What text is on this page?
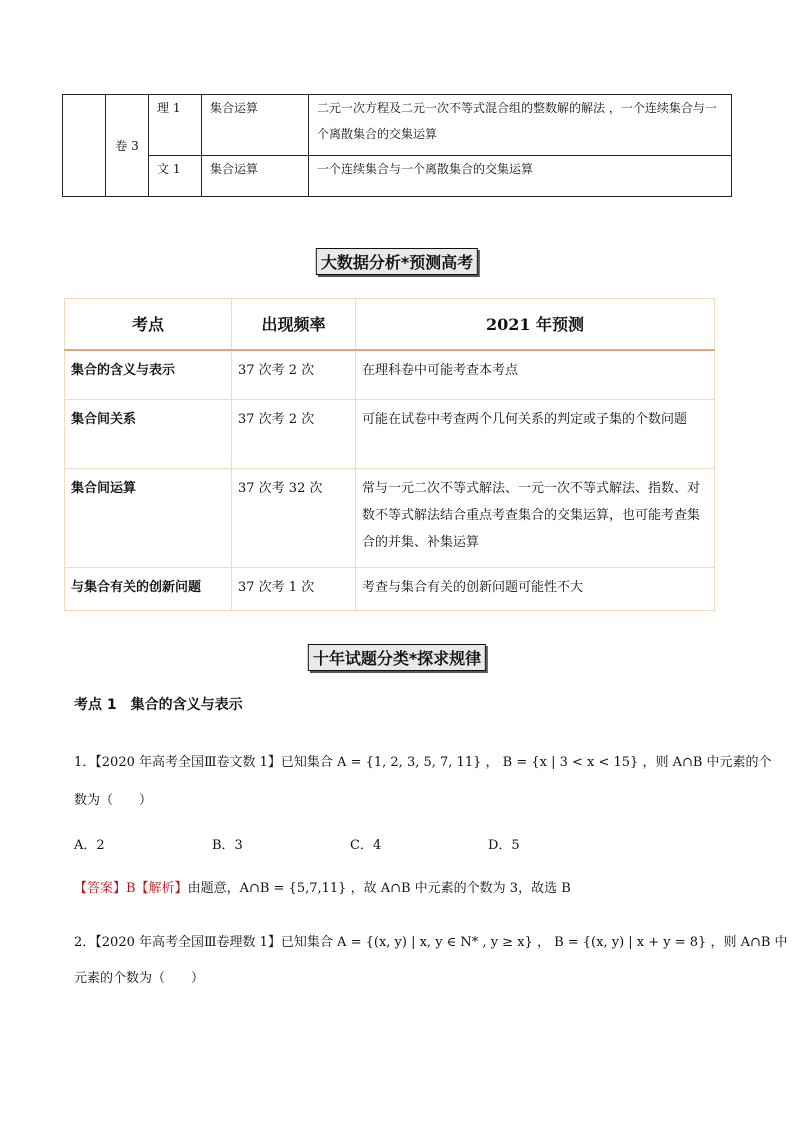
	卷 3	理 1	集合运算	二元一次方程及二元一次不等式混合组的整数解的解法 ，一个连续集合与一个离散集合的交集运算
		文 1	集合运算	一个连续集合与一个离散集合的交集运算
大数据分析*预测高考
考点	出现频率	2021 年预测
集合的含义与表示	37 次考 2 次	在理科卷中可能考查本考点
集合间关系	37 次考 2 次	可能在试卷中考查两个几何关系的判定或子集的个数问题
集合间运算	37 次考 32 次	常与一元二次不等式解法、一元一次不等式解法、指数、对数不等式解法结合重点考查集合的交集运算，也可能考查集合的并集、补集运算
与集合有关的创新问题	37 次考 1 次	考查与集合有关的创新问题可能性不大
十年试题分类*探求规律
考点 1　集合的含义与表示
1．【2020 年高考全国Ⅲ卷文数 1】已知集合 A = {1, 2, 3, 5, 7, 11} ， B = {x | 3 < x < 15} ，则 A∩B 中元素的个
数为（　　）
A．2	B．3	C．4	D．5
【答案】B【解析】由题意，A∩B = {5,7,11} ，故 A∩B 中元素的个数为 3，故选 B
2．【2020 年高考全国Ⅲ卷理数 1】已知集合 A = {(x, y) | x, y ∈ N* , y ≥ x} ， B = {(x, y) | x + y = 8} ，则 A∩B 中
元素的个数为（　　）
